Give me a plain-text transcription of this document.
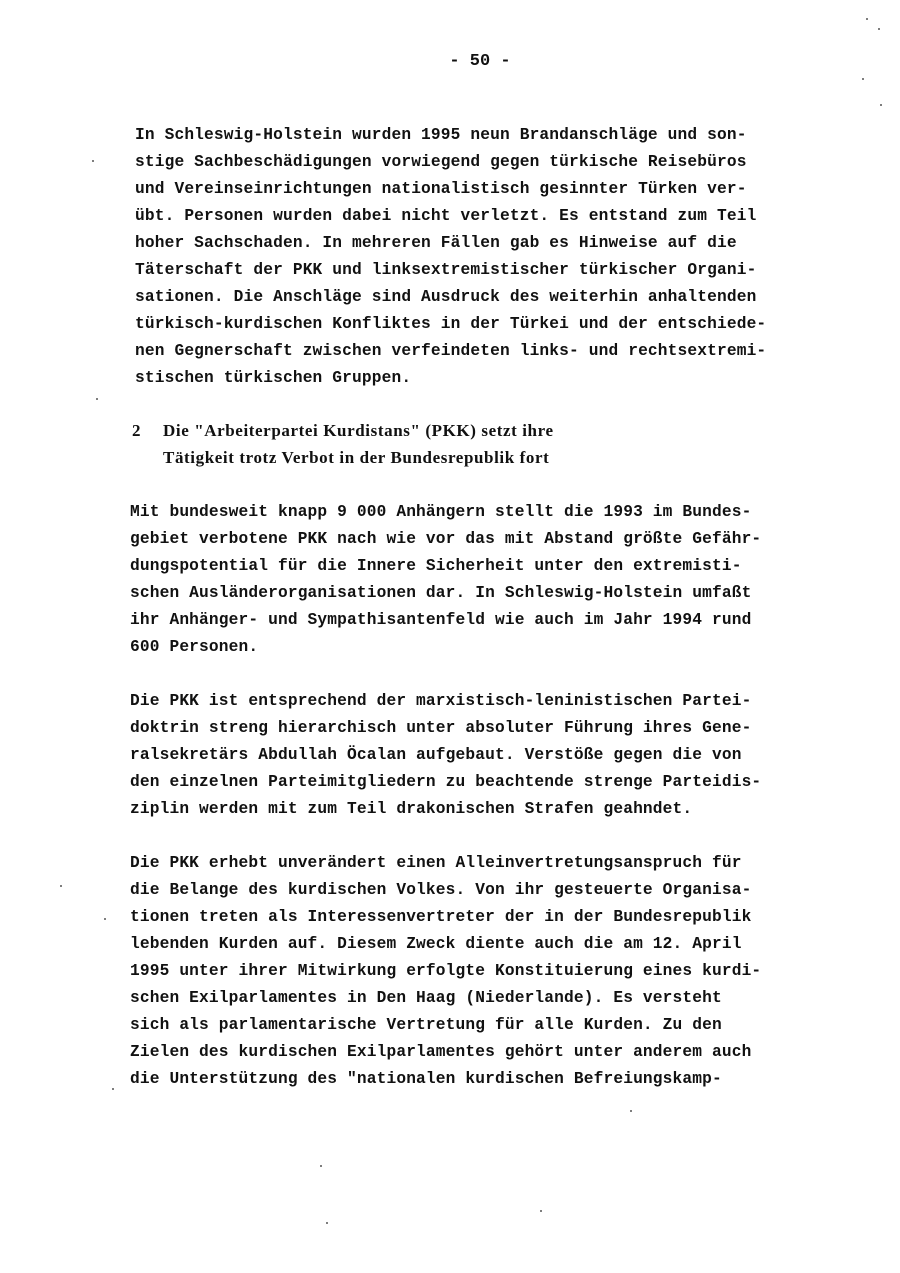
- 50 -
In Schleswig-Holstein wurden 1995 neun Brandanschläge und son-
stige Sachbeschädigungen vorwiegend gegen türkische Reisebüros
und Vereinseinrichtungen nationalistisch gesinnter Türken ver-
übt. Personen wurden dabei nicht verletzt. Es entstand zum Teil
hoher Sachschaden. In mehreren Fällen gab es Hinweise auf die
Täterschaft der PKK und linksextremistischer türkischer Organi-
sationen. Die Anschläge sind Ausdruck des weiterhin anhaltenden
türkisch-kurdischen Konfliktes in der Türkei und der entschiede-
nen Gegnerschaft zwischen verfeindeten links- und rechtsextremi-
stischen türkischen Gruppen.
2 Die "Arbeiterpartei Kurdistans" (PKK) setzt ihre
Tätigkeit trotz Verbot in der Bundesrepublik fort
Mit bundesweit knapp 9 000 Anhängern stellt die 1993 im Bundes-
gebiet verbotene PKK nach wie vor das mit Abstand größte Gefähr-
dungspotential für die Innere Sicherheit unter den extremisti-
schen Ausländerorganisationen dar. In Schleswig-Holstein umfaßt
ihr Anhänger- und Sympathisantenfeld wie auch im Jahr 1994 rund
600 Personen.
Die PKK ist entsprechend der marxistisch-leninistischen Partei-
doktrin streng hierarchisch unter absoluter Führung ihres Gene-
ralsekretärs Abdullah Öcalan aufgebaut. Verstöße gegen die von
den einzelnen Parteimitgliedern zu beachtende strenge Parteidis-
ziplin werden mit zum Teil drakonischen Strafen geahndet.
Die PKK erhebt unverändert einen Alleinvertretungsanspruch für
die Belange des kurdischen Volkes. Von ihr gesteuerte Organisa-
tionen treten als Interessenvertreter der in der Bundesrepublik
lebenden Kurden auf. Diesem Zweck diente auch die am 12. April
1995 unter ihrer Mitwirkung erfolgte Konstituierung eines kurdi-
schen Exilparlamentes in Den Haag (Niederlande). Es versteht
sich als parlamentarische Vertretung für alle Kurden. Zu den
Zielen des kurdischen Exilparlamentes gehört unter anderem auch
die Unterstützung des "nationalen kurdischen Befreiungskamp-
